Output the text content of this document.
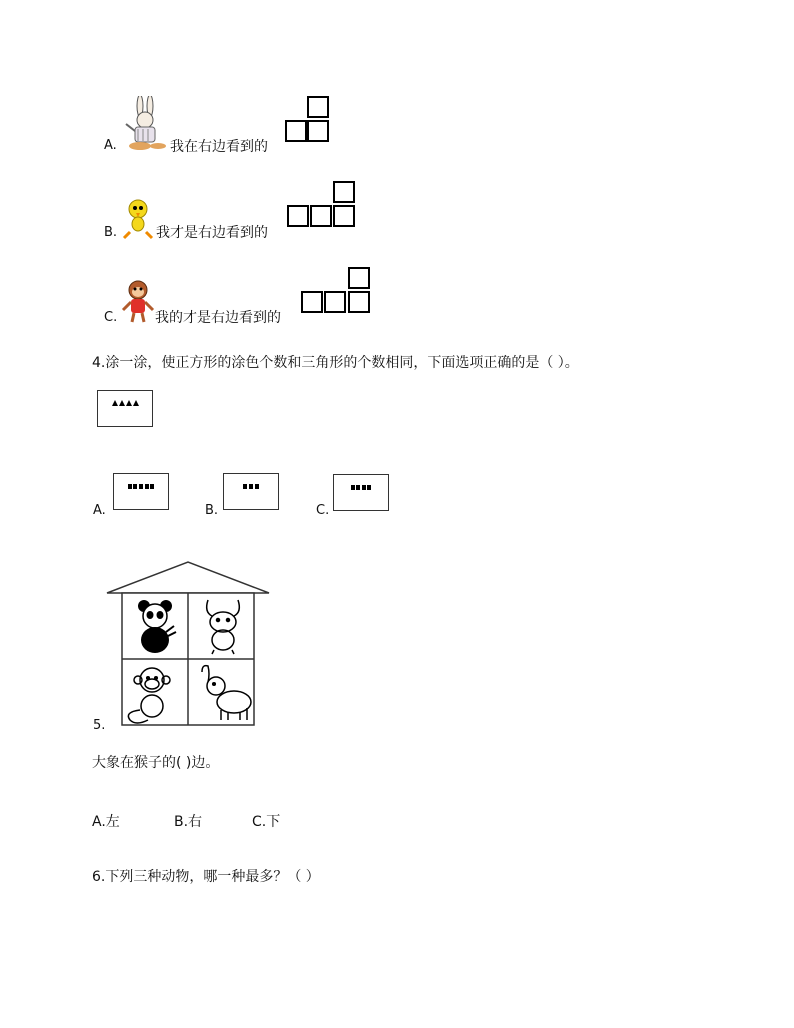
A.	我在右边看到的
B.	我才是右边看到的
C.	我的才是右边看到的
4.涂一涂，使正方形的涂色个数和三角形的个数相同，下面选项正确的是（ ）。
A.	B.	C.
5.
大象在猴子的( )边。
A.左	B.右	C.下
6.下列三种动物，哪一种最多？（ ）
